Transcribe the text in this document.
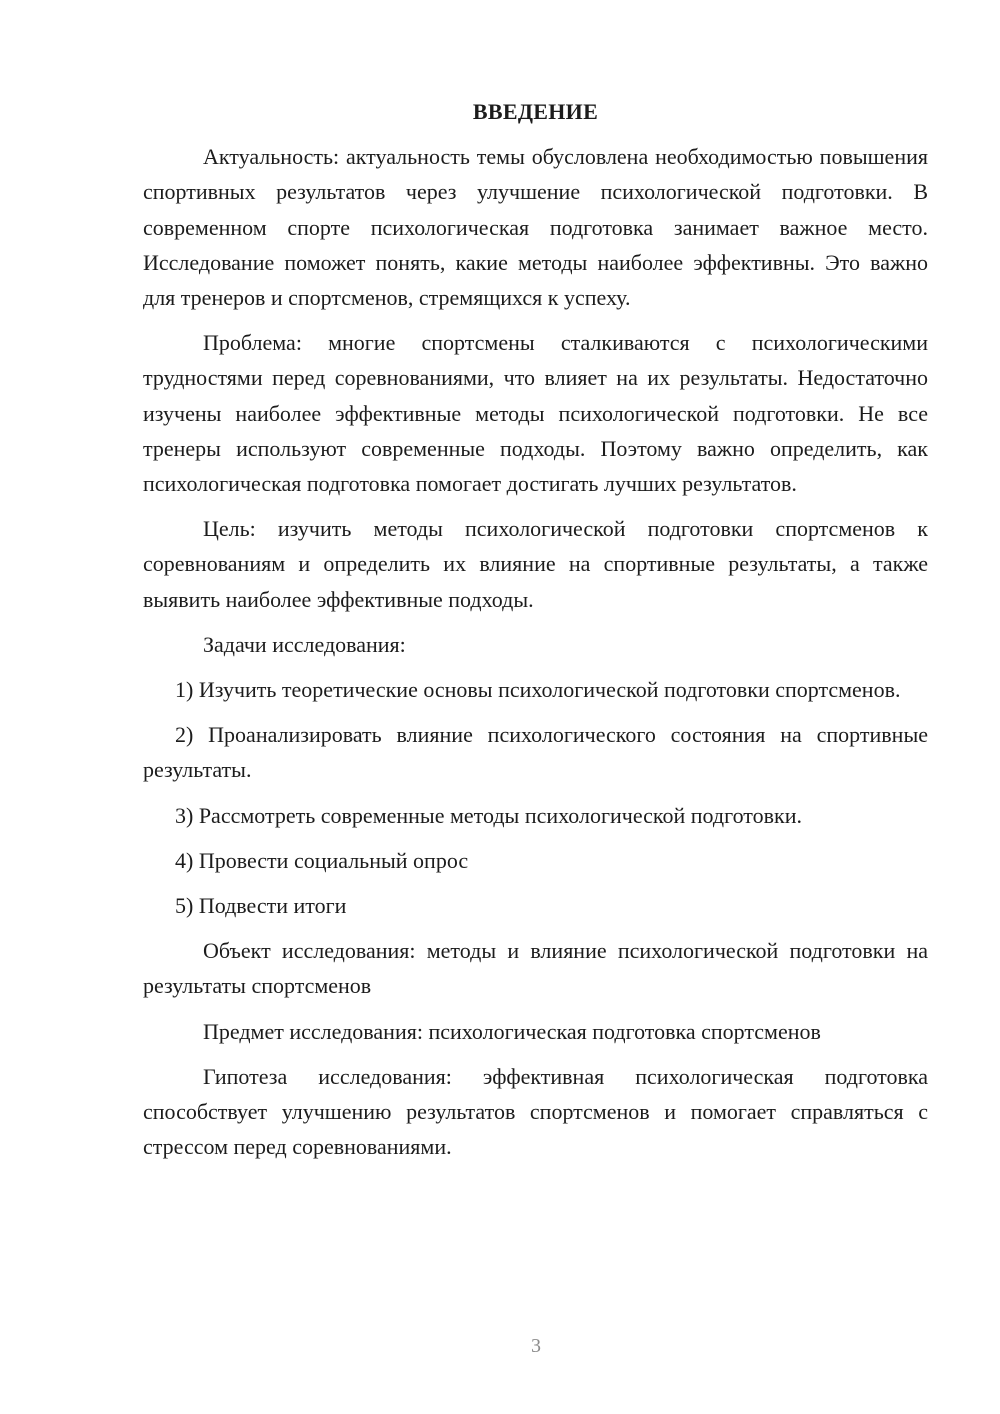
ВВЕДЕНИЕ

Актуальность: актуальность темы обусловлена необходимостью повышения спортивных результатов через улучшение психологической подготовки. В современном спорте психологическая подготовка занимает важное место. Исследование поможет понять, какие методы наиболее эффективны. Это важно для тренеров и спортсменов, стремящихся к успеху.

Проблема: многие спортсмены сталкиваются с психологическими трудностями перед соревнованиями, что влияет на их результаты. Недостаточно изучены наиболее эффективные методы психологической подготовки. Не все тренеры используют современные подходы. Поэтому важно определить, как психологическая подготовка помогает достигать лучших результатов.

Цель: изучить методы психологической подготовки спортсменов к соревнованиям и определить их влияние на спортивные результаты, а также выявить наиболее эффективные подходы.

Задачи исследования:

1) Изучить теоретические основы психологической подготовки спортсменов.

2) Проанализировать влияние психологического состояния на спортивные результаты.

3) Рассмотреть современные методы психологической подготовки.

4) Провести социальный опрос

5) Подвести итоги

Объект исследования: методы и влияние психологической подготовки на результаты спортсменов

Предмет исследования: психологическая подготовка спортсменов

Гипотеза исследования: эффективная психологическая подготовка способствует улучшению результатов спортсменов и помогает справляться с стрессом перед соревнованиями.

3
